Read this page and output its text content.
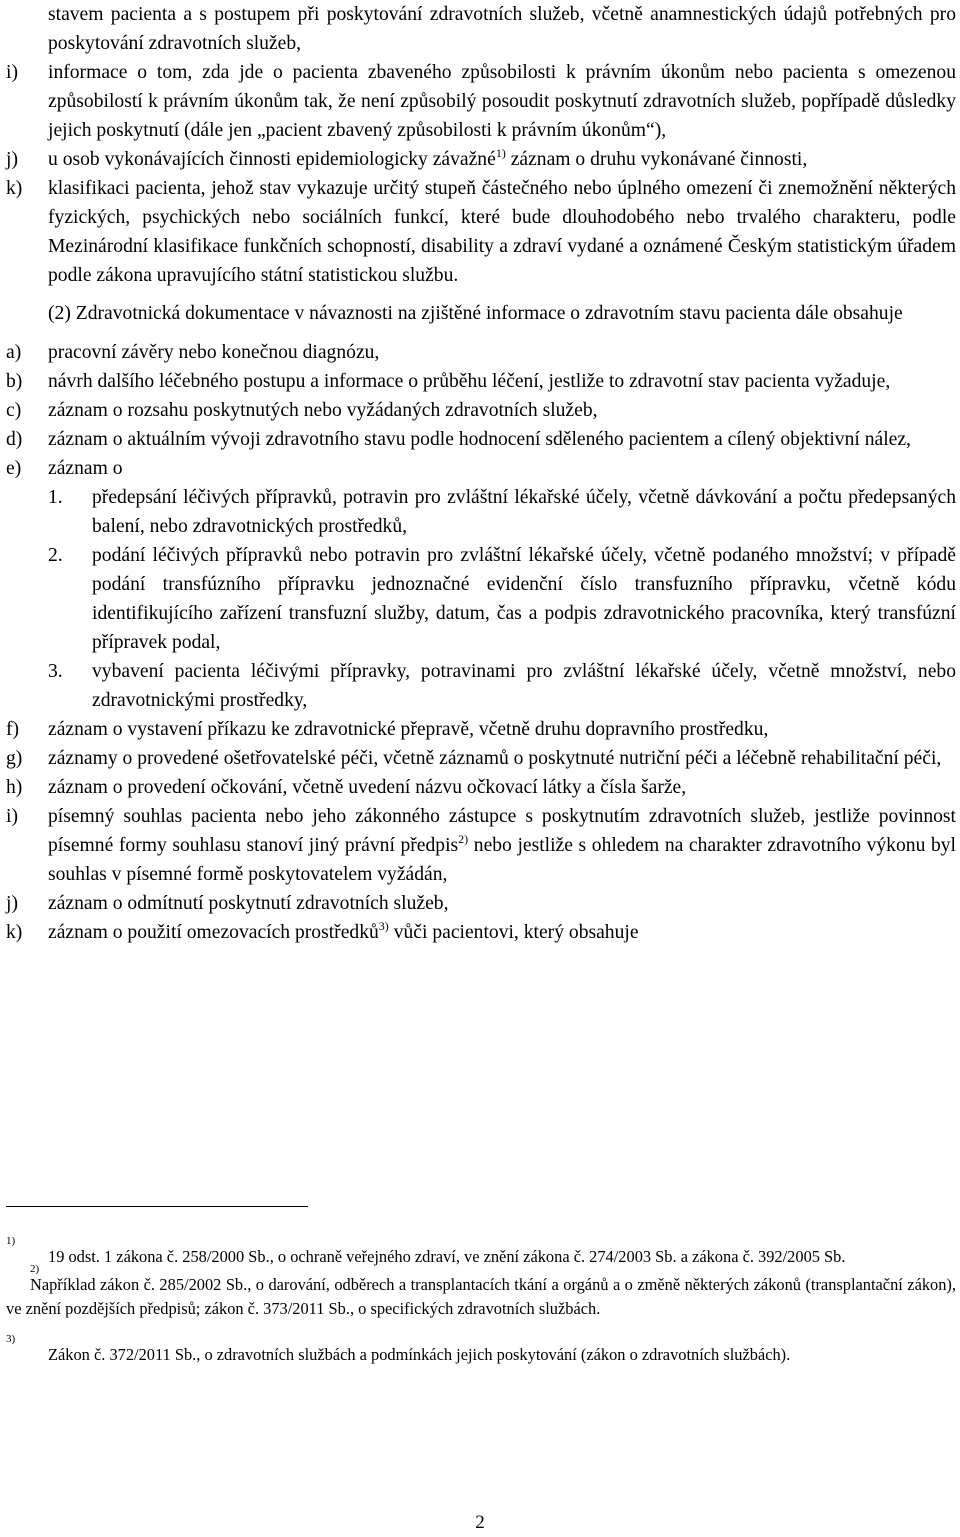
stavem pacienta a s postupem při poskytování zdravotních služeb, včetně anamnestických údajů potřebných pro poskytování zdravotních služeb,
i) informace o tom, zda jde o pacienta zbaveného způsobilosti k právním úkonům nebo pacienta s omezenou způsobilostí k právním úkonům tak, že není způsobilý posoudit poskytnutí zdravotních služeb, popřípadě důsledky jejich poskytnutí (dále jen „pacient zbavený způsobilosti k právním úkonům“),
j) u osob vykonávajících činnosti epidemiologicky závažné$^{1)}$ záznam o druhu vykonávané činnosti,
k) klasifikaci pacienta, jehož stav vykazuje určitý stupeň částečného nebo úplného omezení či znemožnění některých fyzických, psychických nebo sociálních funkcí, které bude dlouhodobého nebo trvalého charakteru, podle Mezinárodní klasifikace funkčních schopností, disability a zdraví vydané a oznámené Českým statistickým úřadem podle zákona upravujícího státní statistickou službu.

(2) Zdravotnická dokumentace v návaznosti na zjištěné informace o zdravotním stavu pacienta dále obsahuje

a) pracovní závěry nebo konečnou diagnózu,
b) návrh dalšího léčebného postupu a informace o průběhu léčení, jestliže to zdravotní stav pacienta vyžaduje,
c) záznam o rozsahu poskytnutých nebo vyžádaných zdravotních služeb,
d) záznam o aktuálním vývoji zdravotního stavu podle hodnocení sděleného pacientem a cílený objektivní nález,
e) záznam o
1. předepsání léčivých přípravků, potravin pro zvláštní lékařské účely, včetně dávkování a počtu předepsaných balení, nebo zdravotnických prostředků,
2. podání léčivých přípravků nebo potravin pro zvláštní lékařské účely, včetně podaného množství; v případě podání transfúzního přípravku jednoznačné evidenční číslo transfuzního přípravku, včetně kódu identifikujícího zařízení transfuzní služby, datum, čas a podpis zdravotnického pracovníka, který transfúzní přípravek podal,
3. vybavení pacienta léčivými přípravky, potravinami pro zvláštní lékařské účely, včetně množství, nebo zdravotnickými prostředky,
f) záznam o vystavení příkazu ke zdravotnické přepravě, včetně druhu dopravního prostředku,
g) záznamy o provedené ošetřovatelské péči, včetně záznamů o poskytnuté nutriční péči a léčebně rehabilitační péči,
h) záznam o provedení očkování, včetně uvedení názvu očkovací látky a čísla šarže,
i) písemný souhlas pacienta nebo jeho zákonného zástupce s poskytnutím zdravotních služeb, jestliže povinnost písemné formy souhlasu stanoví jiný právní předpis$^{2)}$ nebo jestliže s ohledem na charakter zdravotního výkonu byl souhlas v písemné formě poskytovatelem vyžádán,
j) záznam o odmítnutí poskytnutí zdravotních služeb,
k) záznam o použití omezovacích prostředků$^{3)}$ vůči pacientovi, který obsahuje
1)
19 odst. 1 zákona č. 258/2000 Sb., o ochraně veřejného zdraví, ve znění zákona č. 274/2003 Sb. a zákona č. 392/2005 Sb.
2)
Například zákon č. 285/2002 Sb., o darování, odběrech a transplantacích tkání a orgánů a o změně některých zákonů (transplantační zákon), ve znění pozdějších předpisů; zákon č. 373/2011 Sb., o specifických zdravotních službách.
3)
Zákon č. 372/2011 Sb., o zdravotních službách a podmínkách jejich poskytování (zákon o zdravotních službách).
2
